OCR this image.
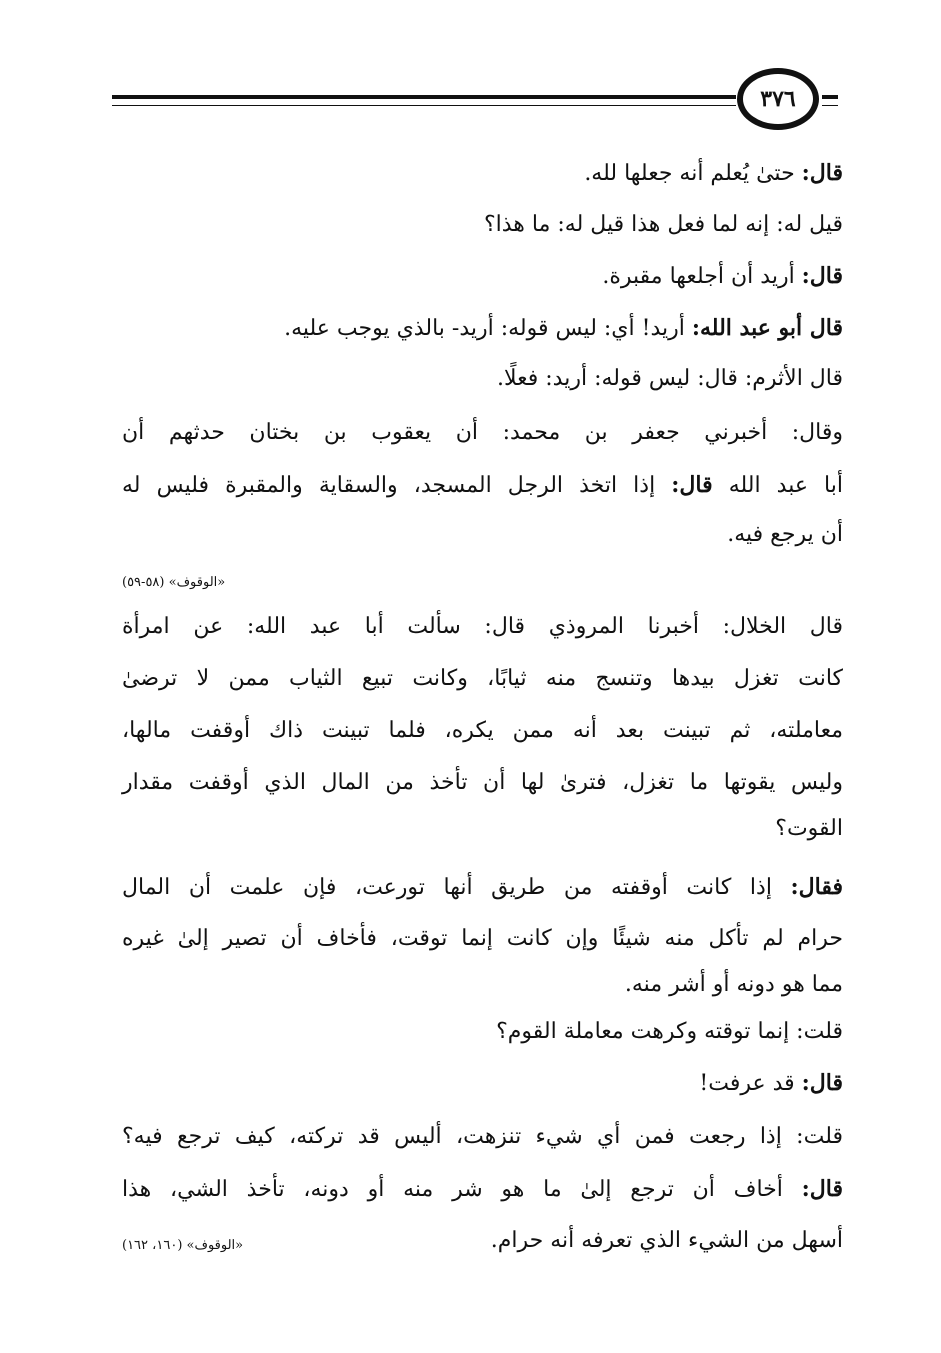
٣٧٦
قال: حتىٰ يُعلم أنه جعلها لله.
قيل له: إنه لما فعل هذا قيل له: ما هذا؟
قال: أريد أن أجلعها مقبرة.
قال أبو عبد الله: أريد! أي: ليس قوله: أريد- بالذي يوجب عليه.
قال الأثرم: قال: ليس قوله: أريد: فعلًا.
وقال: أخبرني جعفر بن محمد: أن يعقوب بن بختان حدثهم أن
أبا عبد الله قال: إذا اتخذ الرجل المسجد، والسقاية والمقبرة فليس له
أن يرجع فيه.
«الوقوف» (٥٨-٥٩)
قال الخلال: أخبرنا المروذي قال: سألت أبا عبد الله: عن امرأة
كانت تغزل بيدها وتنسج منه ثيابًا، وكانت تبيع الثياب ممن لا ترضىٰ
معاملته، ثم تبينت بعد أنه ممن يكره، فلما تبينت ذاك أوقفت مالها،
وليس يقوتها ما تغزل، فترىٰ لها أن تأخذ من المال الذي أوقفت مقدار
القوت؟
فقال: إذا كانت أوقفته من طريق أنها تورعت، فإن علمت أن المال
حرام لم تأكل منه شيئًا وإن كانت إنما توقت، فأخاف أن تصير إلىٰ غيره
مما هو دونه أو أشر منه.
قلت: إنما توقته وكرهت معاملة القوم؟
قال: قد عرفت!
قلت: إذا رجعت فمن أي شيء تنزهت، أليس قد تركته، كيف ترجع فيه؟
قال: أخاف أن ترجع إلىٰ ما هو شر منه أو دونه، تأخذ الشي، هذا
أسهل من الشيء الذي تعرفه أنه حرام.
«الوقوف» (١٦٠، ١٦٢)
